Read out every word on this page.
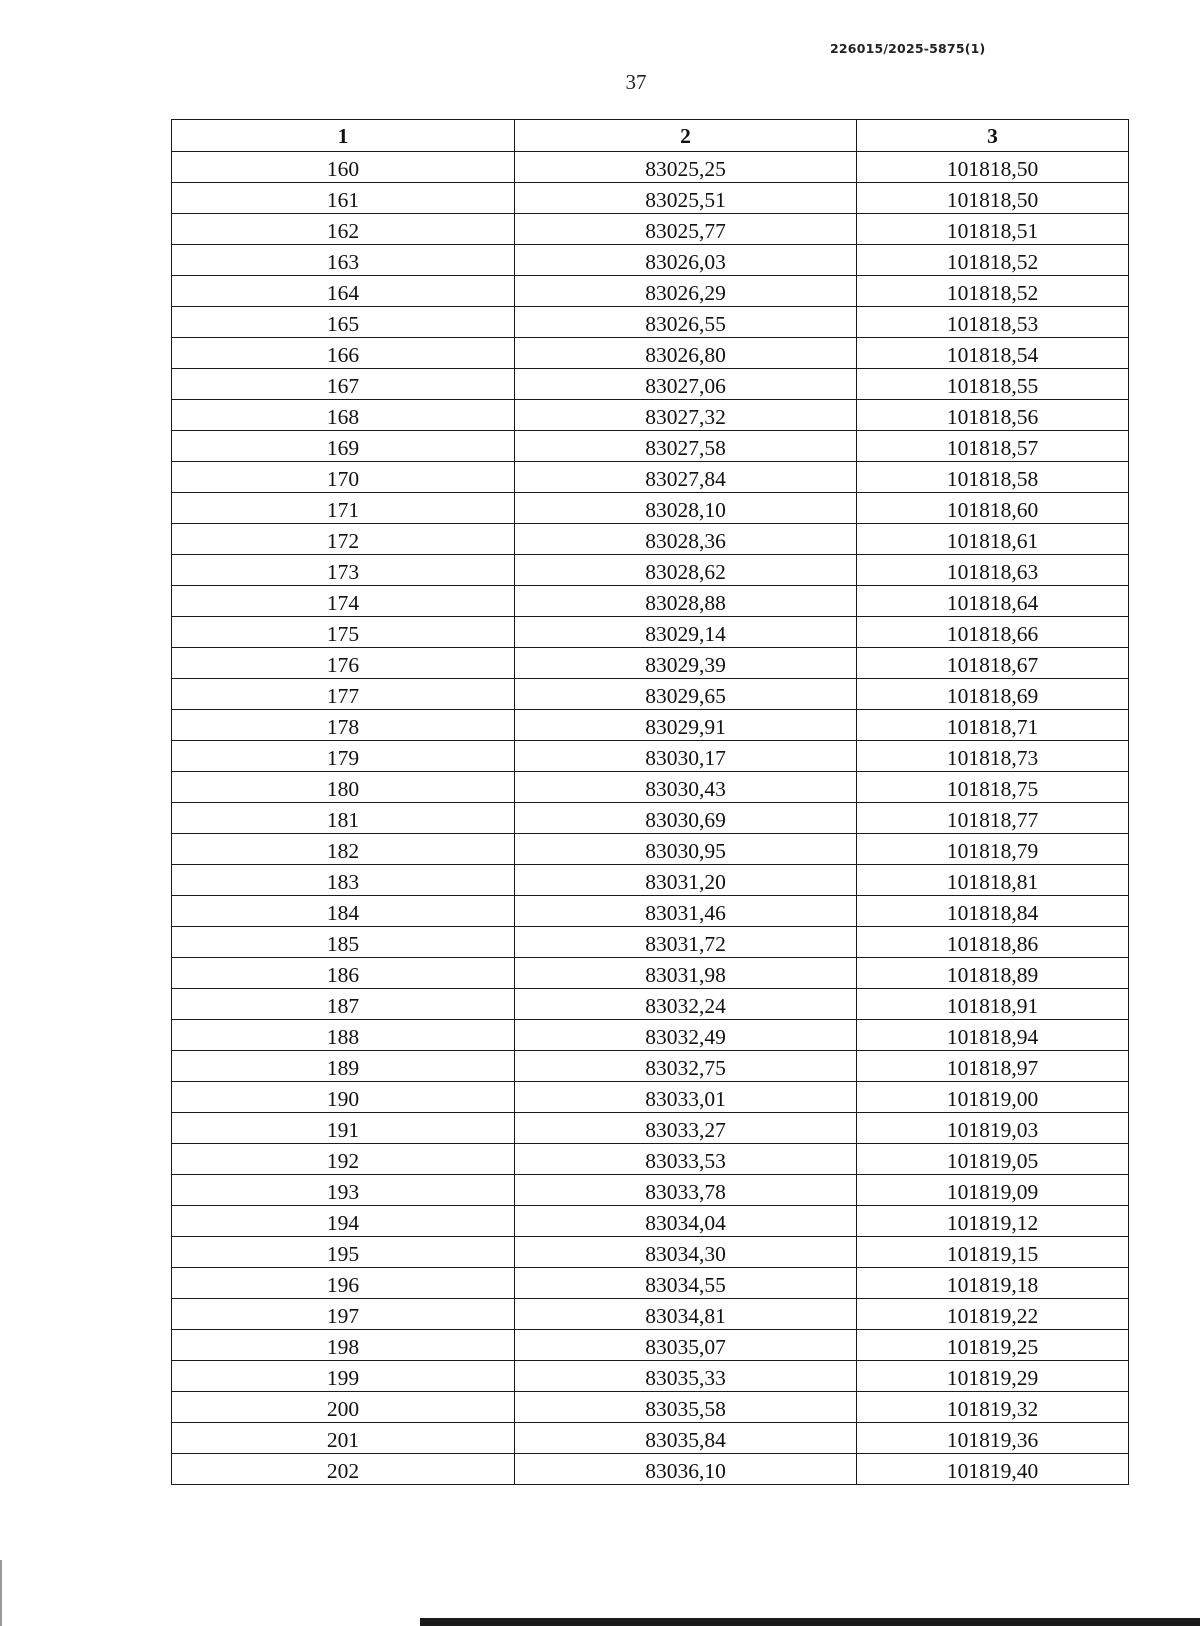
226015/2025-5875(1)
37
1	2	3
160	83025,25	101818,50
161	83025,51	101818,50
162	83025,77	101818,51
163	83026,03	101818,52
164	83026,29	101818,52
165	83026,55	101818,53
166	83026,80	101818,54
167	83027,06	101818,55
168	83027,32	101818,56
169	83027,58	101818,57
170	83027,84	101818,58
171	83028,10	101818,60
172	83028,36	101818,61
173	83028,62	101818,63
174	83028,88	101818,64
175	83029,14	101818,66
176	83029,39	101818,67
177	83029,65	101818,69
178	83029,91	101818,71
179	83030,17	101818,73
180	83030,43	101818,75
181	83030,69	101818,77
182	83030,95	101818,79
183	83031,20	101818,81
184	83031,46	101818,84
185	83031,72	101818,86
186	83031,98	101818,89
187	83032,24	101818,91
188	83032,49	101818,94
189	83032,75	101818,97
190	83033,01	101819,00
191	83033,27	101819,03
192	83033,53	101819,05
193	83033,78	101819,09
194	83034,04	101819,12
195	83034,30	101819,15
196	83034,55	101819,18
197	83034,81	101819,22
198	83035,07	101819,25
199	83035,33	101819,29
200	83035,58	101819,32
201	83035,84	101819,36
202	83036,10	101819,40
